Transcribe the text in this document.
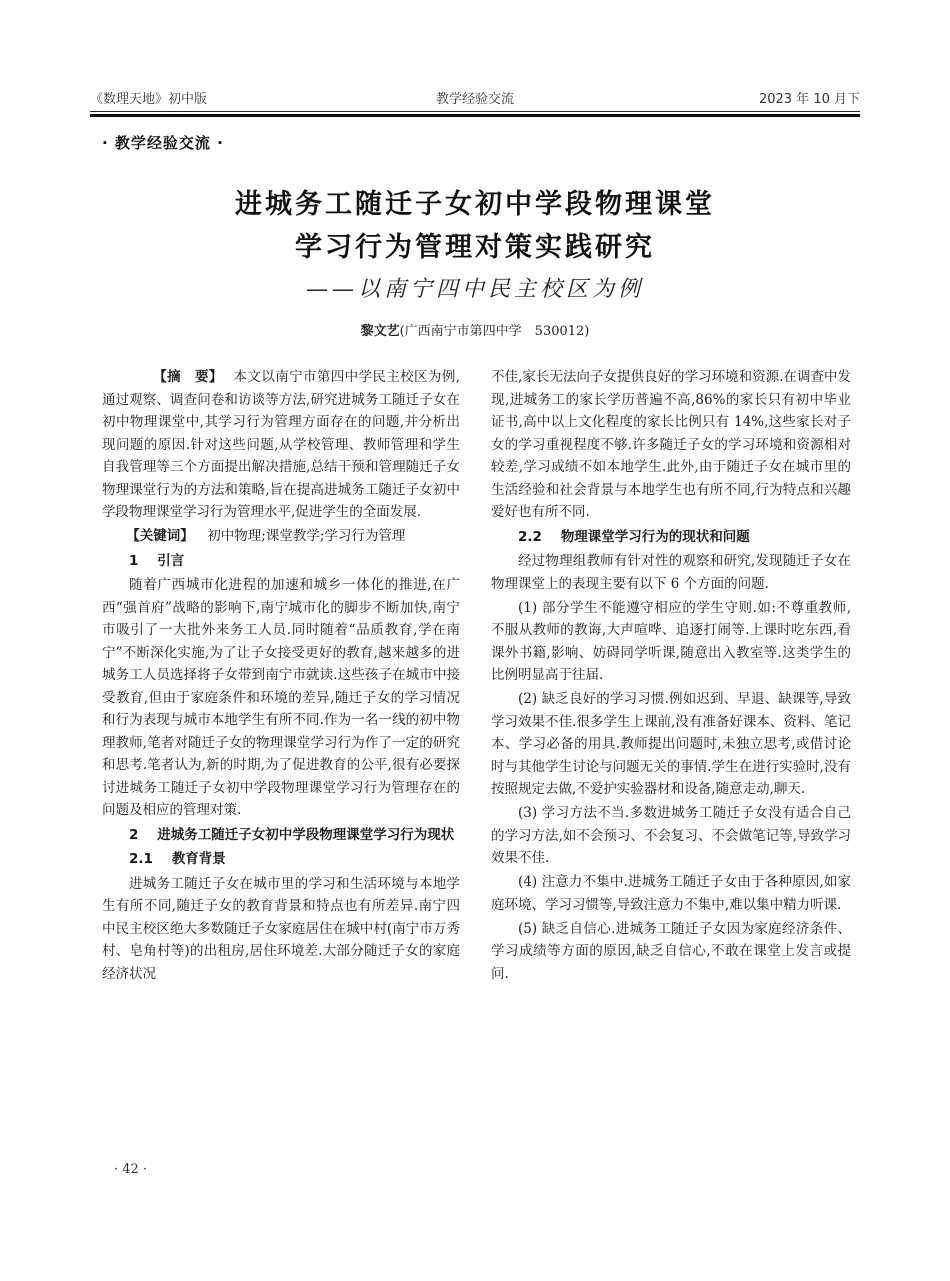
《数理天地》初中版	教学经验交流	2023 年 10 月下
· 教学经验交流 ·
进城务工随迁子女初中学段物理课堂
学习行为管理对策实践研究
——以南宁四中民主校区为例
黎文艺(广西南宁市第四中学　530012)

【摘　要】 本文以南宁市第四中学民主校区为例,通过观察、调查问卷和访谈等方法,研究进城务工随迁子女在初中物理课堂中,其学习行为管理方面存在的问题,并分析出现问题的原因.针对这些问题,从学校管理、教师管理和学生自我管理等三个方面提出解决措施,总结干预和管理随迁子女物理课堂行为的方法和策略,旨在提高进城务工随迁子女初中学段物理课堂学习行为管理水平,促进学生的全面发展.

【关键词】 初中物理;课堂教学;学习行为管理

1 引言

随着广西城市化进程的加速和城乡一体化的推进,在广西“强首府”战略的影响下,南宁城市化的脚步不断加快,南宁市吸引了一大批外来务工人员.同时随着“品质教育,学在南宁”不断深化实施,为了让子女接受更好的教育,越来越多的进城务工人员选择将子女带到南宁市就读.这些孩子在城市中接受教育,但由于家庭条件和环境的差异,随迁子女的学习情况和行为表现与城市本地学生有所不同.作为一名一线的初中物理教师,笔者对随迁子女的物理课堂学习行为作了一定的研究和思考.笔者认为,新的时期,为了促进教育的公平,很有必要探讨进城务工随迁子女初中学段物理课堂学习行为管理存在的问题及相应的管理对策.

2 进城务工随迁子女初中学段物理课堂学习行为现状
2.1 教育背景

进城务工随迁子女在城市里的学习和生活环境与本地学生有所不同,随迁子女的教育背景和特点也有所差异.南宁四中民主校区绝大多数随迁子女家庭居住在城中村(南宁市万秀村、皂角村等)的出租房,居住环境差.大部分随迁子女的家庭经济状况

不佳,家长无法向子女提供良好的学习环境和资源.在调查中发现,进城务工的家长学历普遍不高,86%的家长只有初中毕业证书,高中以上文化程度的家长比例只有 14%,这些家长对子女的学习重视程度不够.许多随迁子女的学习环境和资源相对较差,学习成绩不如本地学生.此外,由于随迁子女在城市里的生活经验和社会背景与本地学生也有所不同,行为特点和兴趣爱好也有所不同.

2.2 物理课堂学习行为的现状和问题

经过物理组教师有针对性的观察和研究,发现随迁子女在物理课堂上的表现主要有以下 6 个方面的问题.

(1) 部分学生不能遵守相应的学生守则.如:不尊重教师,不服从教师的教诲,大声喧哗、追逐打闹等.上课时吃东西,看课外书籍,影响、妨碍同学听课,随意出入教室等.这类学生的比例明显高于往届.

(2) 缺乏良好的学习习惯.例如迟到、早退、缺课等,导致学习效果不佳.很多学生上课前,没有准备好课本、资料、笔记本、学习必备的用具.教师提出问题时,未独立思考,或借讨论时与其他学生讨论与问题无关的事情.学生在进行实验时,没有按照规定去做,不爱护实验器材和设备,随意走动,聊天.

(3) 学习方法不当.多数进城务工随迁子女没有适合自己的学习方法,如不会预习、不会复习、不会做笔记等,导致学习效果不佳.

(4) 注意力不集中.进城务工随迁子女由于各种原因,如家庭环境、学习习惯等,导致注意力不集中,难以集中精力听课.

(5) 缺乏自信心.进城务工随迁子女因为家庭经济条件、学习成绩等方面的原因,缺乏自信心,不敢在课堂上发言或提问.

· 42 ·
